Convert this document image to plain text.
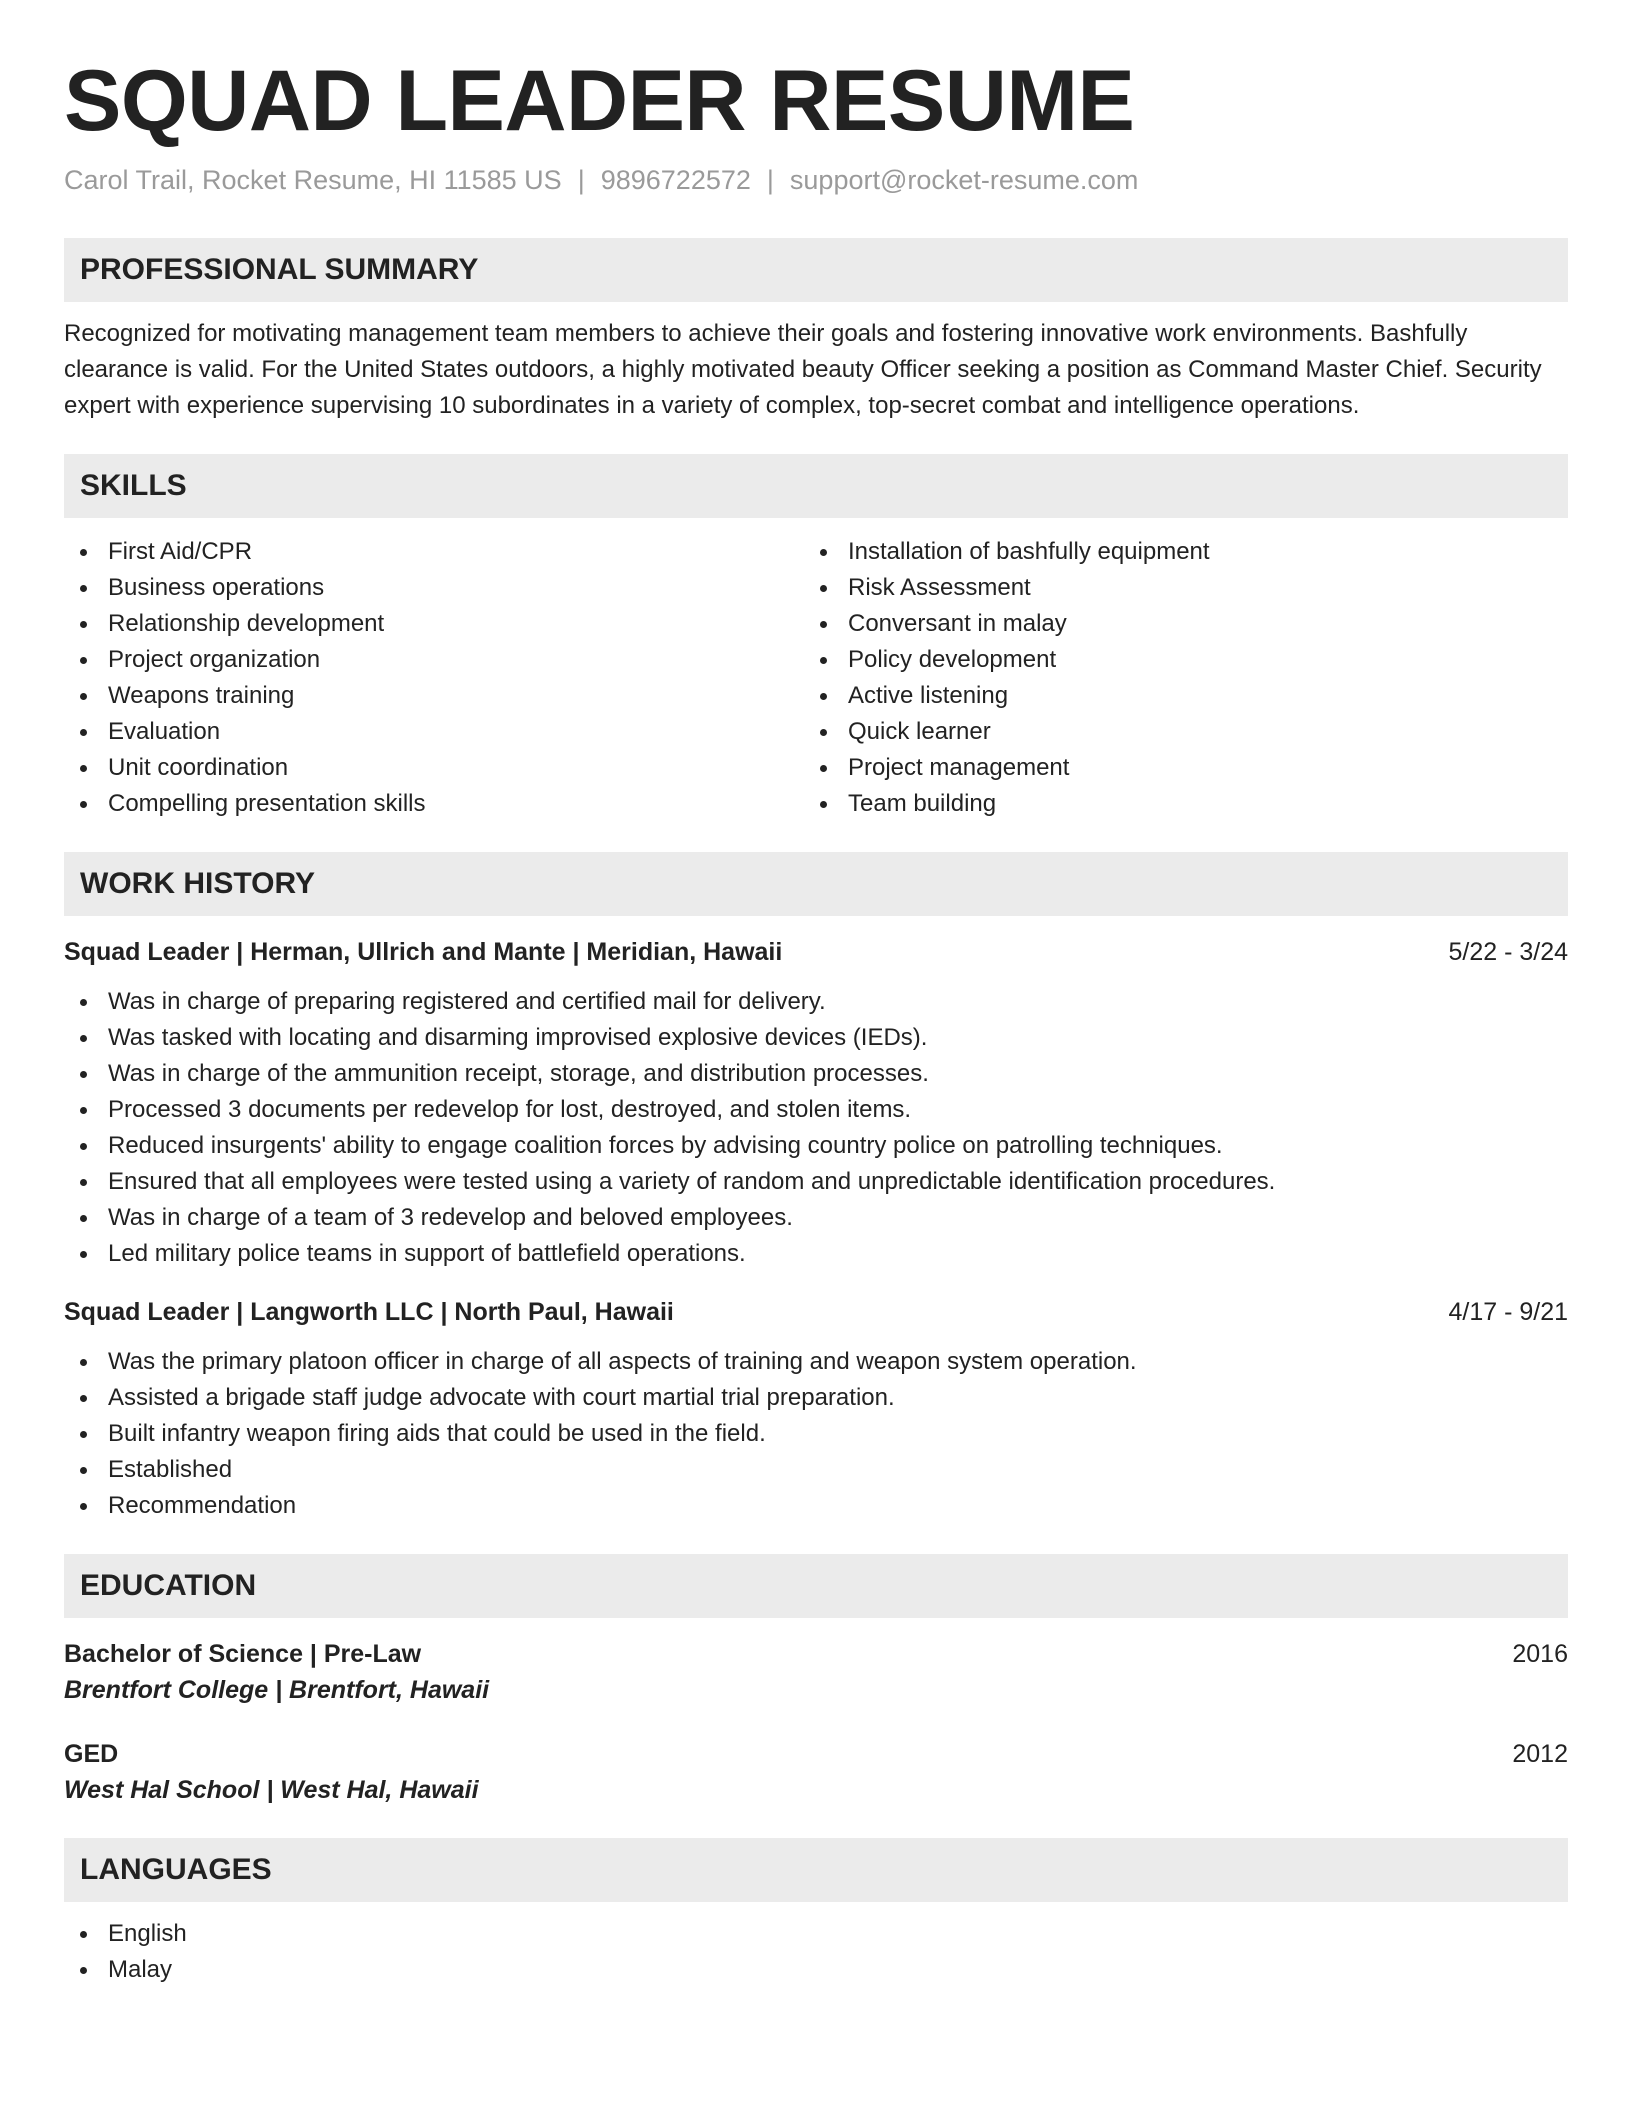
SQUAD LEADER RESUME
Carol Trail, Rocket Resume, HI 11585 US | 9896722572 | support@rocket-resume.com
PROFESSIONAL SUMMARY
Recognized for motivating management team members to achieve their goals and fostering innovative work environments. Bashfully clearance is valid. For the United States outdoors, a highly motivated beauty Officer seeking a position as Command Master Chief. Security expert with experience supervising 10 subordinates in a variety of complex, top-secret combat and intelligence operations.
SKILLS
First Aid/CPR
Business operations
Relationship development
Project organization
Weapons training
Evaluation
Unit coordination
Compelling presentation skills
Installation of bashfully equipment
Risk Assessment
Conversant in malay
Policy development
Active listening
Quick learner
Project management
Team building
WORK HISTORY
Squad Leader | Herman, Ullrich and Mante | Meridian, Hawaii	5/22 - 3/24
Was in charge of preparing registered and certified mail for delivery.
Was tasked with locating and disarming improvised explosive devices (IEDs).
Was in charge of the ammunition receipt, storage, and distribution processes.
Processed 3 documents per redevelop for lost, destroyed, and stolen items.
Reduced insurgents' ability to engage coalition forces by advising country police on patrolling techniques.
Ensured that all employees were tested using a variety of random and unpredictable identification procedures.
Was in charge of a team of 3 redevelop and beloved employees.
Led military police teams in support of battlefield operations.
Squad Leader | Langworth LLC | North Paul, Hawaii	4/17 - 9/21
Was the primary platoon officer in charge of all aspects of training and weapon system operation.
Assisted a brigade staff judge advocate with court martial trial preparation.
Built infantry weapon firing aids that could be used in the field.
Established
Recommendation
EDUCATION
Bachelor of Science | Pre-Law	2016
Brentfort College | Brentfort, Hawaii
GED	2012
West Hal School | West Hal, Hawaii
LANGUAGES
English
Malay
